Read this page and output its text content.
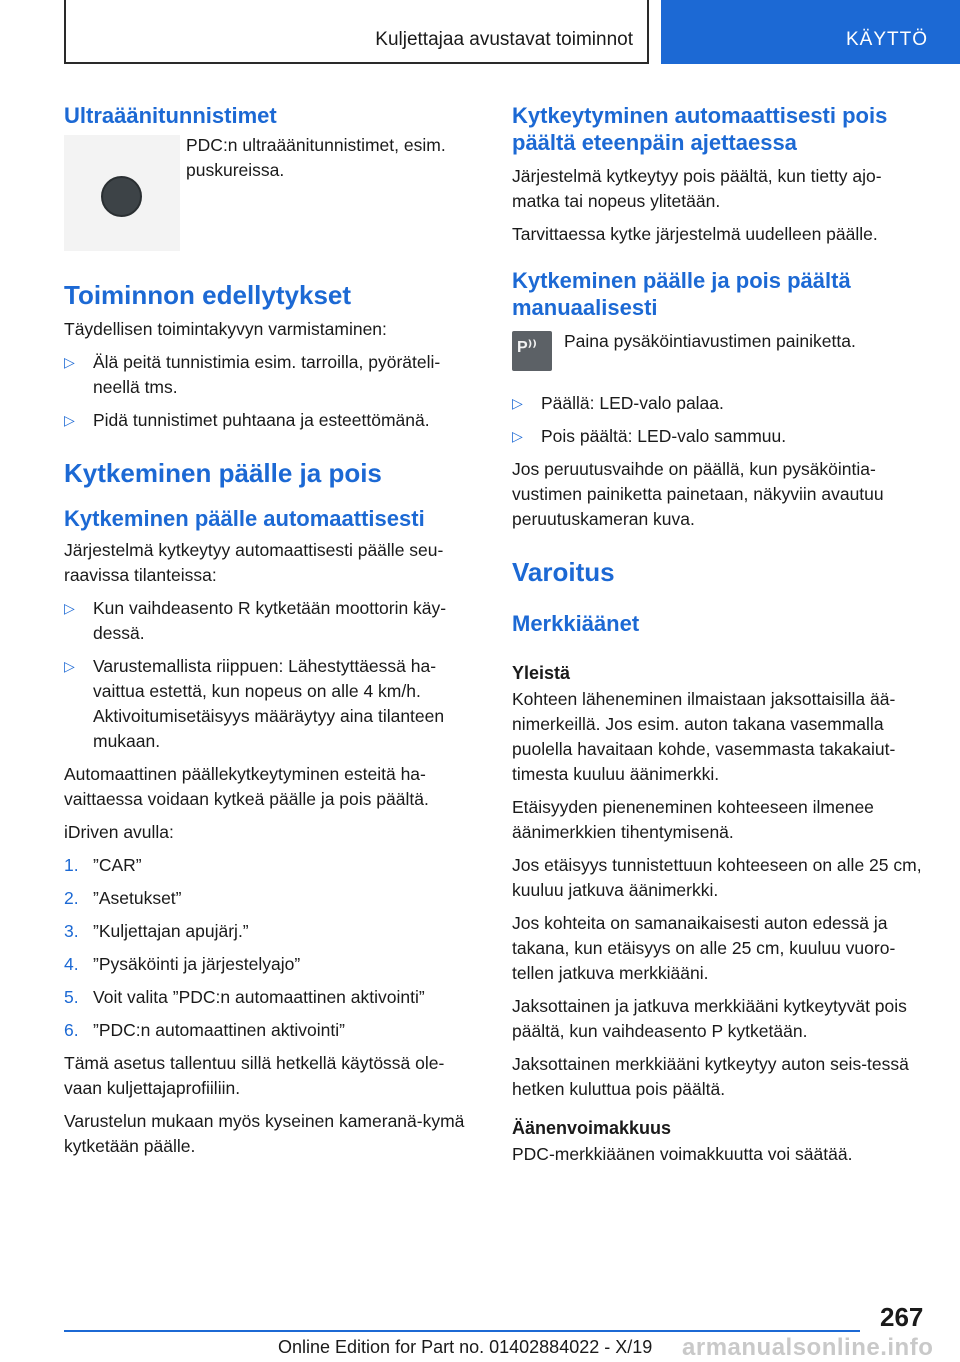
Kuljettajaa avustavat toiminnot	KÄYTTÖ
Ultraäänitunnistimet

PDC:n ultraäänitunnistimet, esim. puskureissa.

Toiminnon edellytykset

Täydellisen toimintakyvyn varmistaminen:

▷ Älä peitä tunnistimia esim. tarroilla, pyöräteli-neellä tms.
▷ Pidä tunnistimet puhtaana ja esteettömänä.
Kytkeminen päälle ja pois
Kytkeminen päälle automaattisesti

Järjestelmä kytkeytyy automaattisesti päälle seu-raavissa tilanteissa:

▷ Kun vaihdeasento R kytketään moottorin käy-dessä.
▷ Varustemallista riippuen: Lähestyttäessä ha-vaittua estettä, kun nopeus on alle 4 km/h. Aktivoitumisetäisyys määräytyy aina tilanteen mukaan.

Automaattinen päällekytkeytyminen esteitä ha-vaittaessa voidaan kytkeä päälle ja pois päältä.

iDriven avulla:

1. ”CAR”
2. ”Asetukset”
3. ”Kuljettajan apujärj.”
4. ”Pysäköinti ja järjestelyajo”
5. Voit valita ”PDC:n automaattinen aktivointi”
6. ”PDC:n automaattinen aktivointi”

Tämä asetus tallentuu sillä hetkellä käytössä ole-vaan kuljettajaprofiiliin.

Varustelun mukaan myös kyseinen kameranä-kymä kytketään päälle.

Kytkeytyminen automaattisesti pois päältä eteenpäin ajettaessa

Järjestelmä kytkeytyy pois päältä, kun tietty ajo-matka tai nopeus ylitetään.

Tarvittaessa kytke järjestelmä uudelleen päälle.

Kytkeminen päälle ja pois päältä manuaalisesti
P⁾⁾ Paina pysäköintiavustimen painiketta.

▷ Päällä: LED-valo palaa.
▷ Pois päältä: LED-valo sammuu.

Jos peruutusvaihde on päällä, kun pysäköintia-vustimen painiketta painetaan, näkyviin avautuu peruutuskameran kuva.

Varoitus
Merkkiäänet
Yleistä

Kohteen läheneminen ilmaistaan jaksottaisilla ää-nimerkeillä. Jos esim. auton takana vasemmalla puolella havaitaan kohde, vasemmasta takakaiut-timesta kuuluu äänimerkki.

Etäisyyden pieneneminen kohteeseen ilmenee äänimerkkien tihentymisenä.

Jos etäisyys tunnistettuun kohteeseen on alle 25 cm, kuuluu jatkuva äänimerkki.

Jos kohteita on samanaikaisesti auton edessä ja takana, kun etäisyys on alle 25 cm, kuuluu vuoro-tellen jatkuva merkkiääni.

Jaksottainen ja jatkuva merkkiääni kytkeytyvät pois päältä, kun vaihdeasento P kytketään.

Jaksottainen merkkiääni kytkeytyy auton seis-tessä hetken kuluttua pois päältä.

Äänenvoimakkuus

PDC-merkkiäänen voimakkuutta voi säätää.

267
Online Edition for Part no. 01402884022 - X/19 armanualsonline.info
